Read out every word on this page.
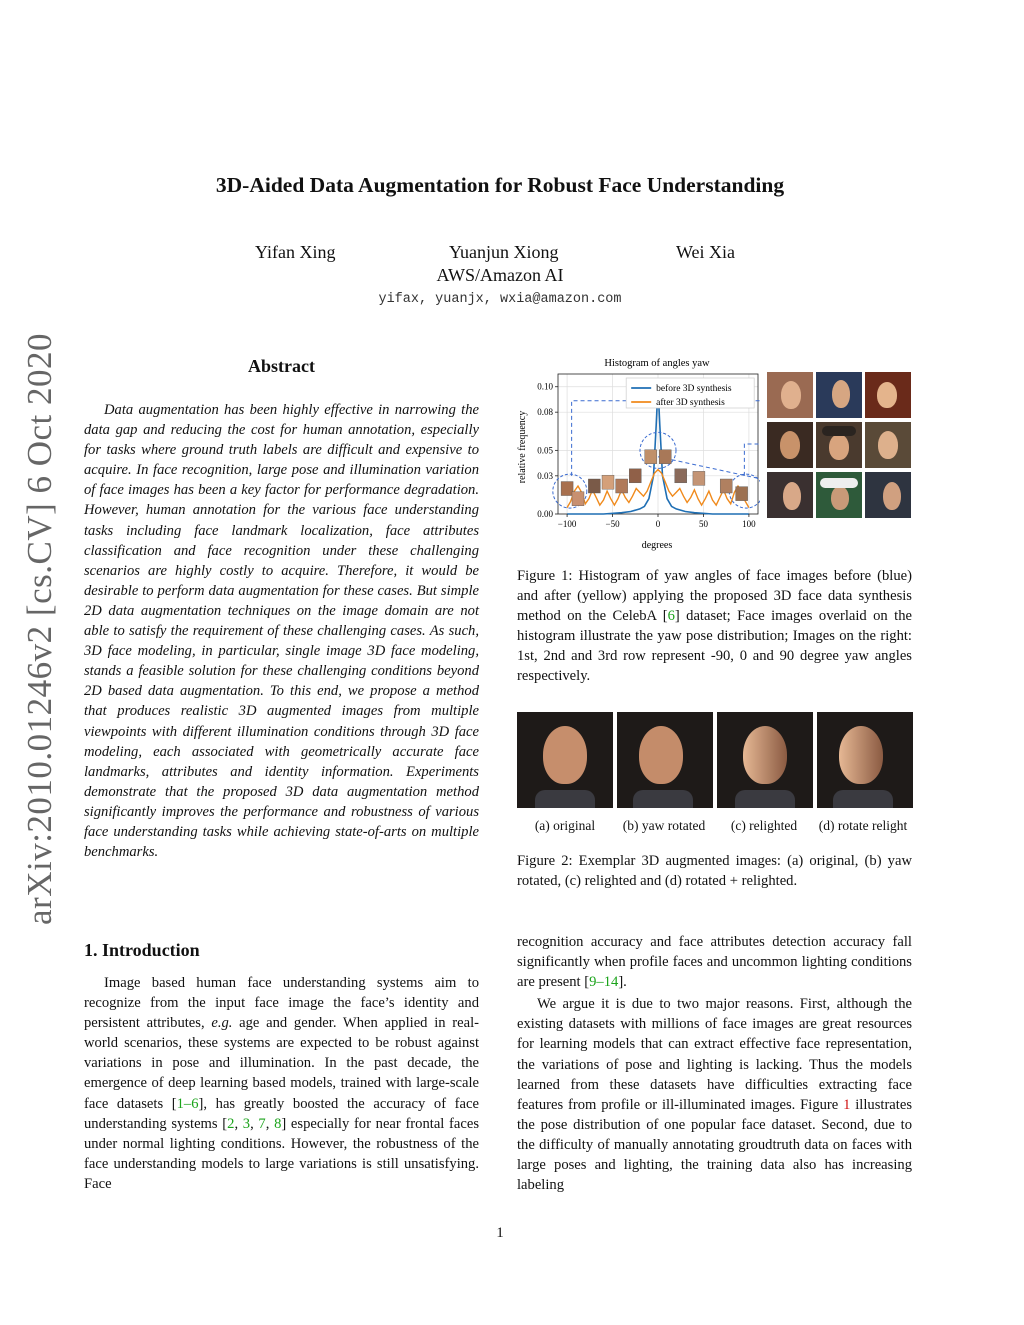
arXiv:2010.01246v2 [cs.CV] 6 Oct 2020
3D-Aided Data Augmentation for Robust Face Understanding
Yifan Xing	Yuanjun Xiong	Wei Xia
AWS/Amazon AI
yifax, yuanjx, wxia@amazon.com
Abstract

Data augmentation has been highly effective in narrowing the data gap and reducing the cost for human annotation, especially for tasks where ground truth labels are difficult and expensive to acquire. In face recognition, large pose and illumination variation of face images has been a key factor for performance degradation. However, human annotation for the various face understanding tasks including face landmark localization, face attributes classification and face recognition under these challenging scenarios are highly costly to acquire. Therefore, it would be desirable to perform data augmentation for these cases. But simple 2D data augmentation techniques on the image domain are not able to satisfy the requirement of these challenging cases. As such, 3D face modeling, in particular, single image 3D face modeling, stands a feasible solution for these challenging conditions beyond 2D based data augmentation. To this end, we propose a method that produces realistic 3D augmented images from multiple viewpoints with different illumination conditions through 3D face modeling, each associated with geometrically accurate face landmarks, attributes and identity information. Experiments demonstrate that the proposed 3D data augmentation method significantly improves the performance and robustness of various face understanding tasks while achieving state-of-arts on multiple benchmarks.

1. Introduction

Image based human face understanding systems aim to recognize from the input face image the face’s identity and persistent attributes, e.g. age and gender. When applied in real-world scenarios, these systems are expected to be robust against variations in pose and illumination. In the past decade, the emergence of deep learning based models, trained with large-scale face datasets [1–6], has greatly boosted the accuracy of face understanding systems [2, 3, 7, 8] especially for near frontal faces under normal lighting conditions. However, the robustness of the face understanding models to large variations is still unsatisfying. Face

recognition accuracy and face attributes detection accuracy fall significantly when profile faces and uncommon lighting conditions are present [9–14].

We argue it is due to two major reasons. First, although the existing datasets with millions of face images are great resources for learning models that can extract effective face representation, the variations of pose and lighting is lacking. Thus the models learned from these datasets have difficulties extracting face features from profile or ill-illuminated images. Figure 1 illustrates the pose distribution of one popular face dataset. Second, due to the difficulty of manually annotating groudtruth data on faces with large poses and lighting, the training data also has increasing labeling

Histogram of angles yaw
0.00
0.03
0.05
0.08
0.10
−100	−50	0	50	100
degrees
relative frequency
before 3D synthesis
after 3D synthesis
Figure 1: Histogram of yaw angles of face images before (blue) and after (yellow) applying the proposed 3D face data synthesis method on the CelebA [6] dataset; Face images overlaid on the histogram illustrate the yaw pose distribution; Images on the right: 1st, 2nd and 3rd row represent -90, 0 and 90 degree yaw angles respectively.
(a) original	(b) yaw rotated	(c) relighted	(d) rotate relight
Figure 2: Exemplar 3D augmented images: (a) original, (b) yaw rotated, (c) relighted and (d) rotated + relighted.
1
